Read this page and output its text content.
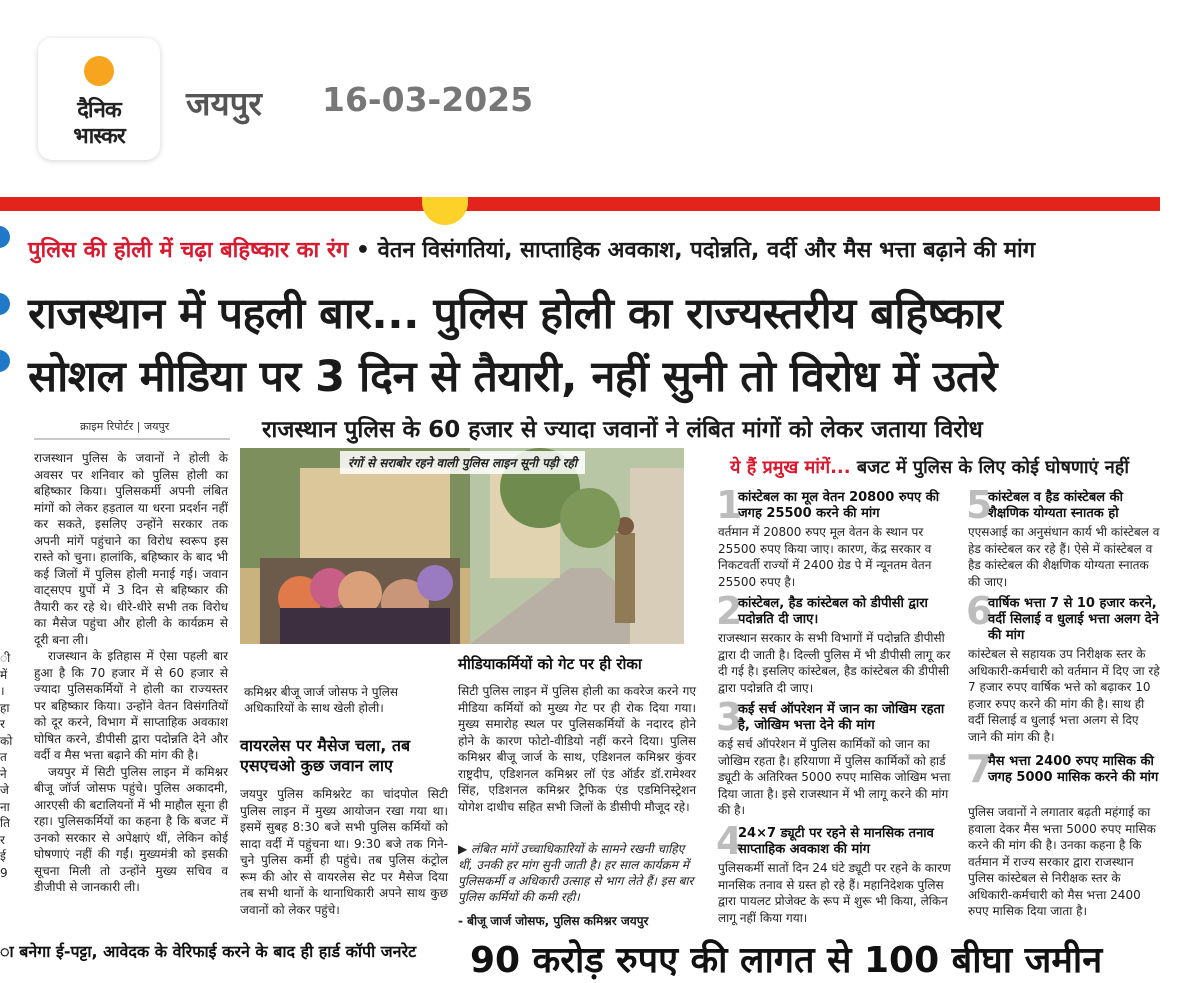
दैनिक
भास्कर
जयपुर 16-03-2025
पुलिस की होली में चढ़ा बहिष्कार का रंग • वेतन विसंगतियां, साप्ताहिक अवकाश, पदोन्नति, वर्दी और मैस भत्ता बढ़ाने की मांग
राजस्थान में पहली बार... पुलिस होली का राज्यस्तरीय बहिष्कार
सोशल मीडिया पर 3 दिन से तैयारी, नहीं सुनी तो विरोध में उतरे
राजस्थान पुलिस के 60 हजार से ज्यादा जवानों ने लंबित मांगों को लेकर जताया विरोध
क्राइम रिपोर्टर | जयपुर
ी
में
।
हा
र
को
त
ने
जे
ना
ति
र
ई
9

राजस्थान पुलिस के जवानों ने होली के अवसर पर शनिवार को पुलिस होली का बहिष्कार किया। पुलिसकर्मी अपनी लंबित मांगों को लेकर हड़ताल या धरना प्रदर्शन नहीं कर सकते, इसलिए उन्होंने सरकार तक अपनी मांगें पहुंचाने का विरोध स्वरूप इस रास्ते को चुना। हालांकि, बहिष्कार के बाद भी कई जिलों में पुलिस होली मनाई गई। जवान वाट्सएप ग्रुपों में 3 दिन से बहिष्कार की तैयारी कर रहे थे। धीरे-धीरे सभी तक विरोध का मैसेज पहुंचा और होली के कार्यक्रम से दूरी बना ली।

राजस्थान के इतिहास में ऐसा पहली बार हुआ है कि 70 हजार में से 60 हजार से ज्यादा पुलिसकर्मियों ने होली का राज्यस्तर पर बहिष्कार किया। उन्होंने वेतन विसंगतियों को दूर करने, विभाग में साप्ताहिक अवकाश घोषित करने, डीपीसी द्वारा पदोन्नति देने और वर्दी व मैस भत्ता बढ़ाने की मांग की है।

जयपुर में सिटी पुलिस लाइन में कमिश्नर बीजू जॉर्ज जोसफ पहुंचे। पुलिस अकादमी, आरएसी की बटालियनों में भी माहौल सूना ही रहा। पुलिसकर्मियों का कहना है कि बजट में उनको सरकार से अपेक्षाएं थीं, लेकिन कोई घोषणाएं नहीं की गईं। मुख्यमंत्री को इसकी सूचना मिली तो उन्होंने मुख्य सचिव व डीजीपी से जानकारी ली।

रंगों से सराबोर रहने वाली पुलिस लाइन सूनी पड़ी रही
कमिश्नर बीजू जार्ज जोसफ ने पुलिस अधिकारियों के साथ खेली होली।
वायरलेस पर मैसेज चला, तब एसएचओ कुछ जवान लाए
जयपुर पुलिस कमिश्नरेट का चांदपोल सिटी पुलिस लाइन में मुख्य आयोजन रखा गया था। इसमें सुबह 8:30 बजे सभी पुलिस कर्मियों को सादा वर्दी में पहुंचना था। 9:30 बजे तक गिने-चुने पुलिस कर्मी ही पहुंचे। तब पुलिस कंट्रोल रूम की ओर से वायरलेस सेट पर मैसेज दिया तब सभी थानों के थानाधिकारी अपने साथ कुछ जवानों को लेकर पहुंचे।
मीडियाकर्मियों को गेट पर ही रोका
सिटी पुलिस लाइन में पुलिस होली का कवरेज करने गए मीडिया कर्मियों को मुख्य गेट पर ही रोक दिया गया। मुख्य समारोह स्थल पर पुलिसकर्मियों के नदारद होने होने के कारण फोटो-वीडियो नहीं करने दिया। पुलिस कमिश्नर बीजू जार्ज के साथ, एडिशनल कमिश्नर कुंवर राष्ट्रदीप, एडिशनल कमिश्नर लॉ एंड ऑर्डर डॉ.रामेश्वर सिंह, एडिशनल कमिश्नर ट्रैफिक एंड एडमिनिस्ट्रेशन योगेश दाधीच सहित सभी जिलों के डीसीपी मौजूद रहे।
▶ लंबित मांगें उच्चाधिकारियों के सामने रखनी चाहिए थीं, उनकी हर मांग सुनी जाती है। हर साल कार्यक्रम में पुलिसकर्मी व अधिकारी उत्साह से भाग लेते हैं। इस बार पुलिस कर्मियों की कमी रही।
- बीजू जार्ज जोसफ, पुलिस कमिश्नर जयपुर
ये हैं प्रमुख मांगें... बजट में पुलिस के लिए कोई घोषणाएं नहीं
1
कांस्टेबल का मूल वेतन 20800 रुपए की जगह 25500 करने की मांग
वर्तमान में 20800 रुपए मूल वेतन के स्थान पर 25500 रुपए किया जाए। कारण, केंद्र सरकार व निकटवर्ती राज्यों में 2400 ग्रेड पे में न्यूनतम वेतन 25500 रुपए है।
2
कांस्टेबल, हैड कांस्टेबल को डीपीसी द्वारा पदोन्नति दी जाए।
राजस्थान सरकार के सभी विभागों में पदोन्नति डीपीसी द्वारा दी जाती है। दिल्ली पुलिस में भी डीपीसी लागू कर दी गई है। इसलिए कांस्टेबल, हैड कांस्टेबल की डीपीसी द्वारा पदोन्नति दी जाए।
3
कई सर्च ऑपरेशन में जान का जोखिम रहता है, जोखिम भत्ता देने की मांग
कई सर्च ऑपरेशन में पुलिस कार्मिकों को जान का जोखिम रहता है। हरियाणा में पुलिस कार्मिकों को हार्ड ड्यूटी के अतिरिक्त 5000 रुपए मासिक जोखिम भत्ता दिया जाता है। इसे राजस्थान में भी लागू करने की मांग की है।
4
24×7 ड्यूटी पर रहने से मानसिक तनाव साप्ताहिक अवकाश की मांग
पुलिसकर्मी सातों दिन 24 घंटे ड्यूटी पर रहने के कारण मानसिक तनाव से ग्रस्त हो रहे हैं। महानिदेशक पुलिस द्वारा पायलट प्रोजेक्ट के रूप में शुरू भी किया, लेकिन लागू नहीं किया गया।
5
कांस्टेबल व हैड कांस्टेबल की शैक्षणिक योग्यता स्नातक हो
एएसआई का अनुसंधान कार्य भी कांस्टेबल व हेड कांस्टेबल कर रहे हैं। ऐसे में कांस्टेबल व हैड कांस्टेबल की शैक्षणिक योग्यता स्नातक की जाए।
6
वार्षिक भत्ता 7 से 10 हजार करने, वर्दी सिलाई व धुलाई भत्ता अलग देने की मांग
कांस्टेबल से सहायक उप निरीक्षक स्तर के अधिकारी-कर्मचारी को वर्तमान में दिए जा रहे 7 हजार रुपए वार्षिक भत्ते को बढ़ाकर 10 हजार रुपए करने की मांग की है। साथ ही वर्दी सिलाई व धुलाई भत्ता अलग से दिए जाने की मांग की है।
7
मैस भत्ता 2400 रुपए मासिक की जगह 5000 मासिक करने की मांग
पुलिस जवानों ने लगातार बढ़ती महंगाई का हवाला देकर मैस भत्ता 5000 रुपए मासिक करने की मांग की है। उनका कहना है कि वर्तमान में राज्य सरकार द्वारा राजस्थान पुलिस कांस्टेबल से निरीक्षक स्तर के अधिकारी-कर्मचारी को मैस भत्ता 2400 रुपए मासिक दिया जाता है।
ा बनेगा ई-पट्टा, आवेदक के वेरिफाई करने के बाद ही हार्ड कॉपी जनरेट 90 करोड़ रुपए की लागत से 100 बीघा जमीन
